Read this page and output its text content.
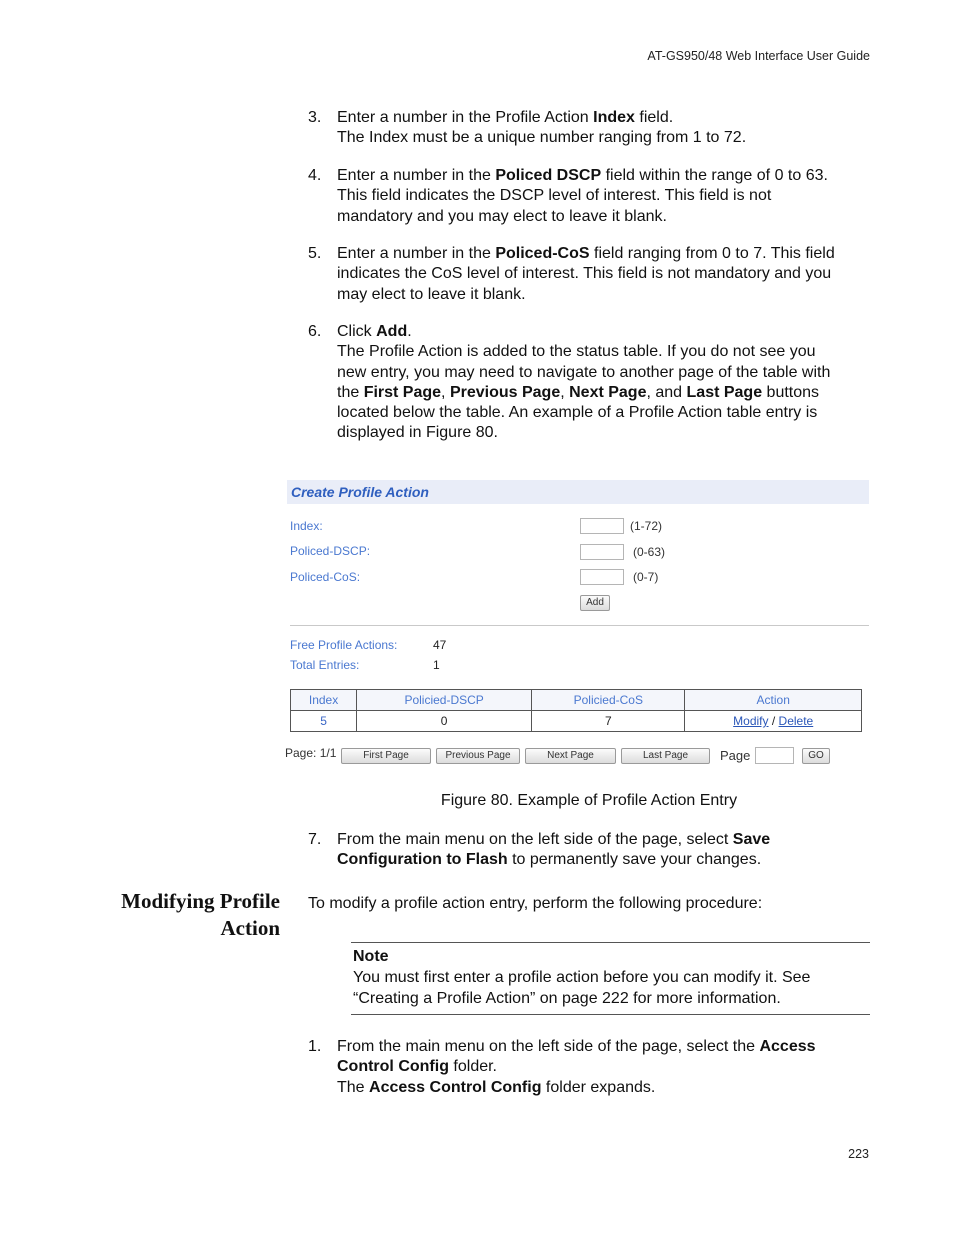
AT-GS950/48 Web Interface User Guide
3. Enter a number in the Profile Action Index field.
The Index must be a unique number ranging from 1 to 72.
4. Enter a number in the Policed DSCP field within the range of 0 to 63.
This field indicates the DSCP level of interest. This field is not
mandatory and you may elect to leave it blank.
5. Enter a number in the Policed-CoS field ranging from 0 to 7. This field
indicates the CoS level of interest. This field is not mandatory and you
may elect to leave it blank.
6. Click Add.
The Profile Action is added to the status table. If you do not see you
new entry, you may need to navigate to another page of the table with
the First Page, Previous Page, Next Page, and Last Page buttons
located below the table. An example of a Profile Action table entry is
displayed in Figure 80.
Create Profile Action
Index:	(1-72)
Policed-DSCP:	(0-63)
Policed-CoS:	(0-7)
Add
Free Profile Actions:	47
Total Entries:	1
Index	Policied-DSCP	Policied-CoS	Action
5	0	7	Modify / Delete
Page: 1/1	First Page	Previous Page	Next Page	Last Page	Page	GO
Figure 80. Example of Profile Action Entry
7. From the main menu on the left side of the page, select Save
Configuration to Flash to permanently save your changes.
Modifying Profile
Action
To modify a profile action entry, perform the following procedure:
Note
You must first enter a profile action before you can modify it. See
“Creating a Profile Action” on page 222 for more information.
1. From the main menu on the left side of the page, select the Access
Control Config folder.
The Access Control Config folder expands.
223
